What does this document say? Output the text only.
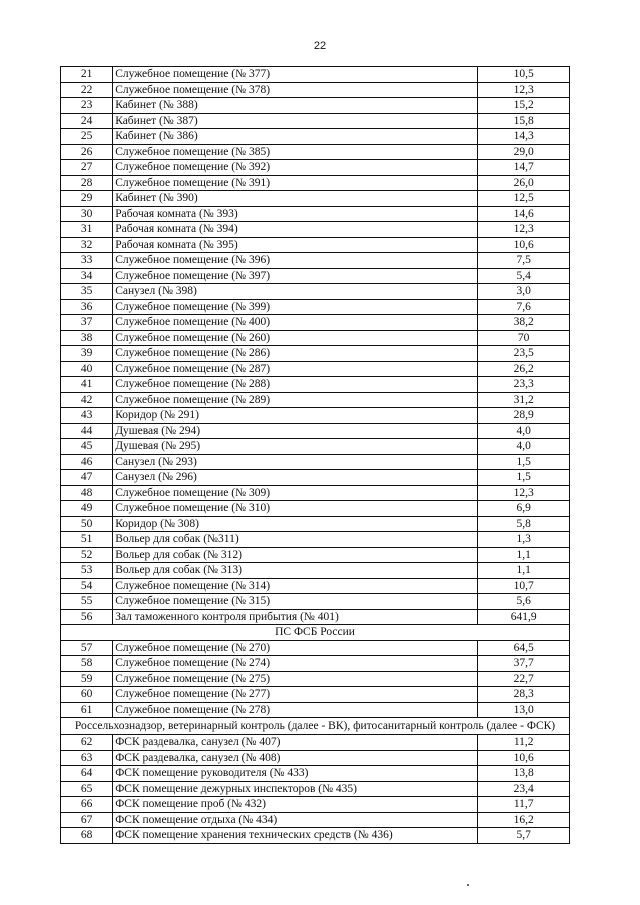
22
21	Служебное помещение (№ 377)	10,5
22	Служебное помещение (№ 378)	12,3
23	Кабинет (№ 388)	15,2
24	Кабинет (№ 387)	15,8
25	Кабинет (№ 386)	14,3
26	Служебное помещение (№ 385)	29,0
27	Служебное помещение (№ 392)	14,7
28	Служебное помещение (№ 391)	26,0
29	Кабинет (№ 390)	12,5
30	Рабочая комната (№ 393)	14,6
31	Рабочая комната (№ 394)	12,3
32	Рабочая комната (№ 395)	10,6
33	Служебное помещение (№ 396)	7,5
34	Служебное помещение (№ 397)	5,4
35	Санузел (№ 398)	3,0
36	Служебное помещение (№ 399)	7,6
37	Служебное помещение (№ 400)	38,2
38	Служебное помещение (№ 260)	70
39	Служебное помещение (№ 286)	23,5
40	Служебное помещение (№ 287)	26,2
41	Служебное помещение (№ 288)	23,3
42	Служебное помещение (№ 289)	31,2
43	Коридор (№ 291)	28,9
44	Душевая (№ 294)	4,0
45	Душевая (№ 295)	4,0
46	Санузел (№ 293)	1,5
47	Санузел (№ 296)	1,5
48	Служебное помещение (№ 309)	12,3
49	Служебное помещение (№ 310)	6,9
50	Коридор (№ 308)	5,8
51	Вольер для собак (№311)	1,3
52	Вольер для собак (№ 312)	1,1
53	Вольер для собак (№ 313)	1,1
54	Служебное помещение (№ 314)	10,7
55	Служебное помещение (№ 315)	5,6
56	Зал таможенного контроля прибытия (№ 401)	641,9
ПС ФСБ России		
57	Служебное помещение (№ 270)	64,5
58	Служебное помещение (№ 274)	37,7
59	Служебное помещение (№ 275)	22,7
60	Служебное помещение (№ 277)	28,3
61	Служебное помещение (№ 278)	13,0
Россельхознадзор, ветеринарный контроль (далее - ВК), фитосанитарный контроль (далее - ФСК)		
62	ФСК раздевалка, санузел (№ 407)	11,2
63	ФСК раздевалка, санузел (№ 408)	10,6
64	ФСК помещение руководителя (№ 433)	13,8
65	ФСК помещение дежурных инспекторов (№ 435)	23,4
66	ФСК помещение проб (№ 432)	11,7
67	ФСК помещение отдыха (№ 434)	16,2
68	ФСК помещение хранения технических средств (№ 436)	5,7
